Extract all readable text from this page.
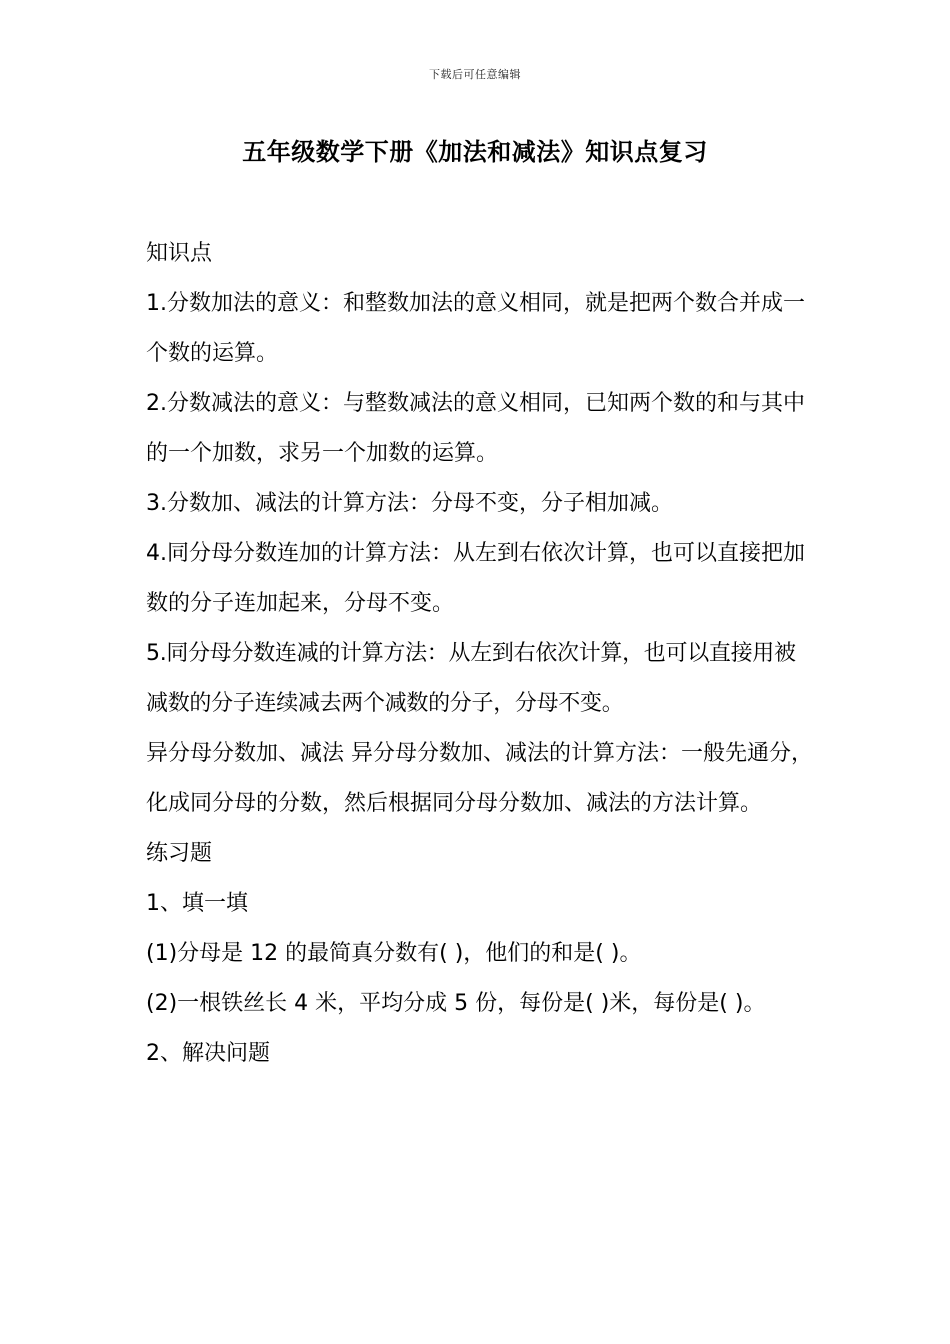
下载后可任意编辑
五年级数学下册《加法和减法》知识点复习

知识点

1.分数加法的意义：和整数加法的意义相同，就是把两个数合并成一个数的运算。

2.分数减法的意义：与整数减法的意义相同，已知两个数的和与其中的一个加数，求另一个加数的运算。

3.分数加、减法的计算方法：分母不变，分子相加减。

4.同分母分数连加的计算方法：从左到右依次计算，也可以直接把加数的分子连加起来，分母不变。

5.同分母分数连减的计算方法：从左到右依次计算，也可以直接用被减数的分子连续减去两个减数的分子，分母不变。

异分母分数加、减法 异分母分数加、减法的计算方法：一般先通分，化成同分母的分数，然后根据同分母分数加、减法的方法计算。

练习题

1、填一填

(1)分母是 12 的最简真分数有( )，他们的和是( )。

(2)一根铁丝长 4 米，平均分成 5 份，每份是( )米，每份是( )。

2、解决问题
